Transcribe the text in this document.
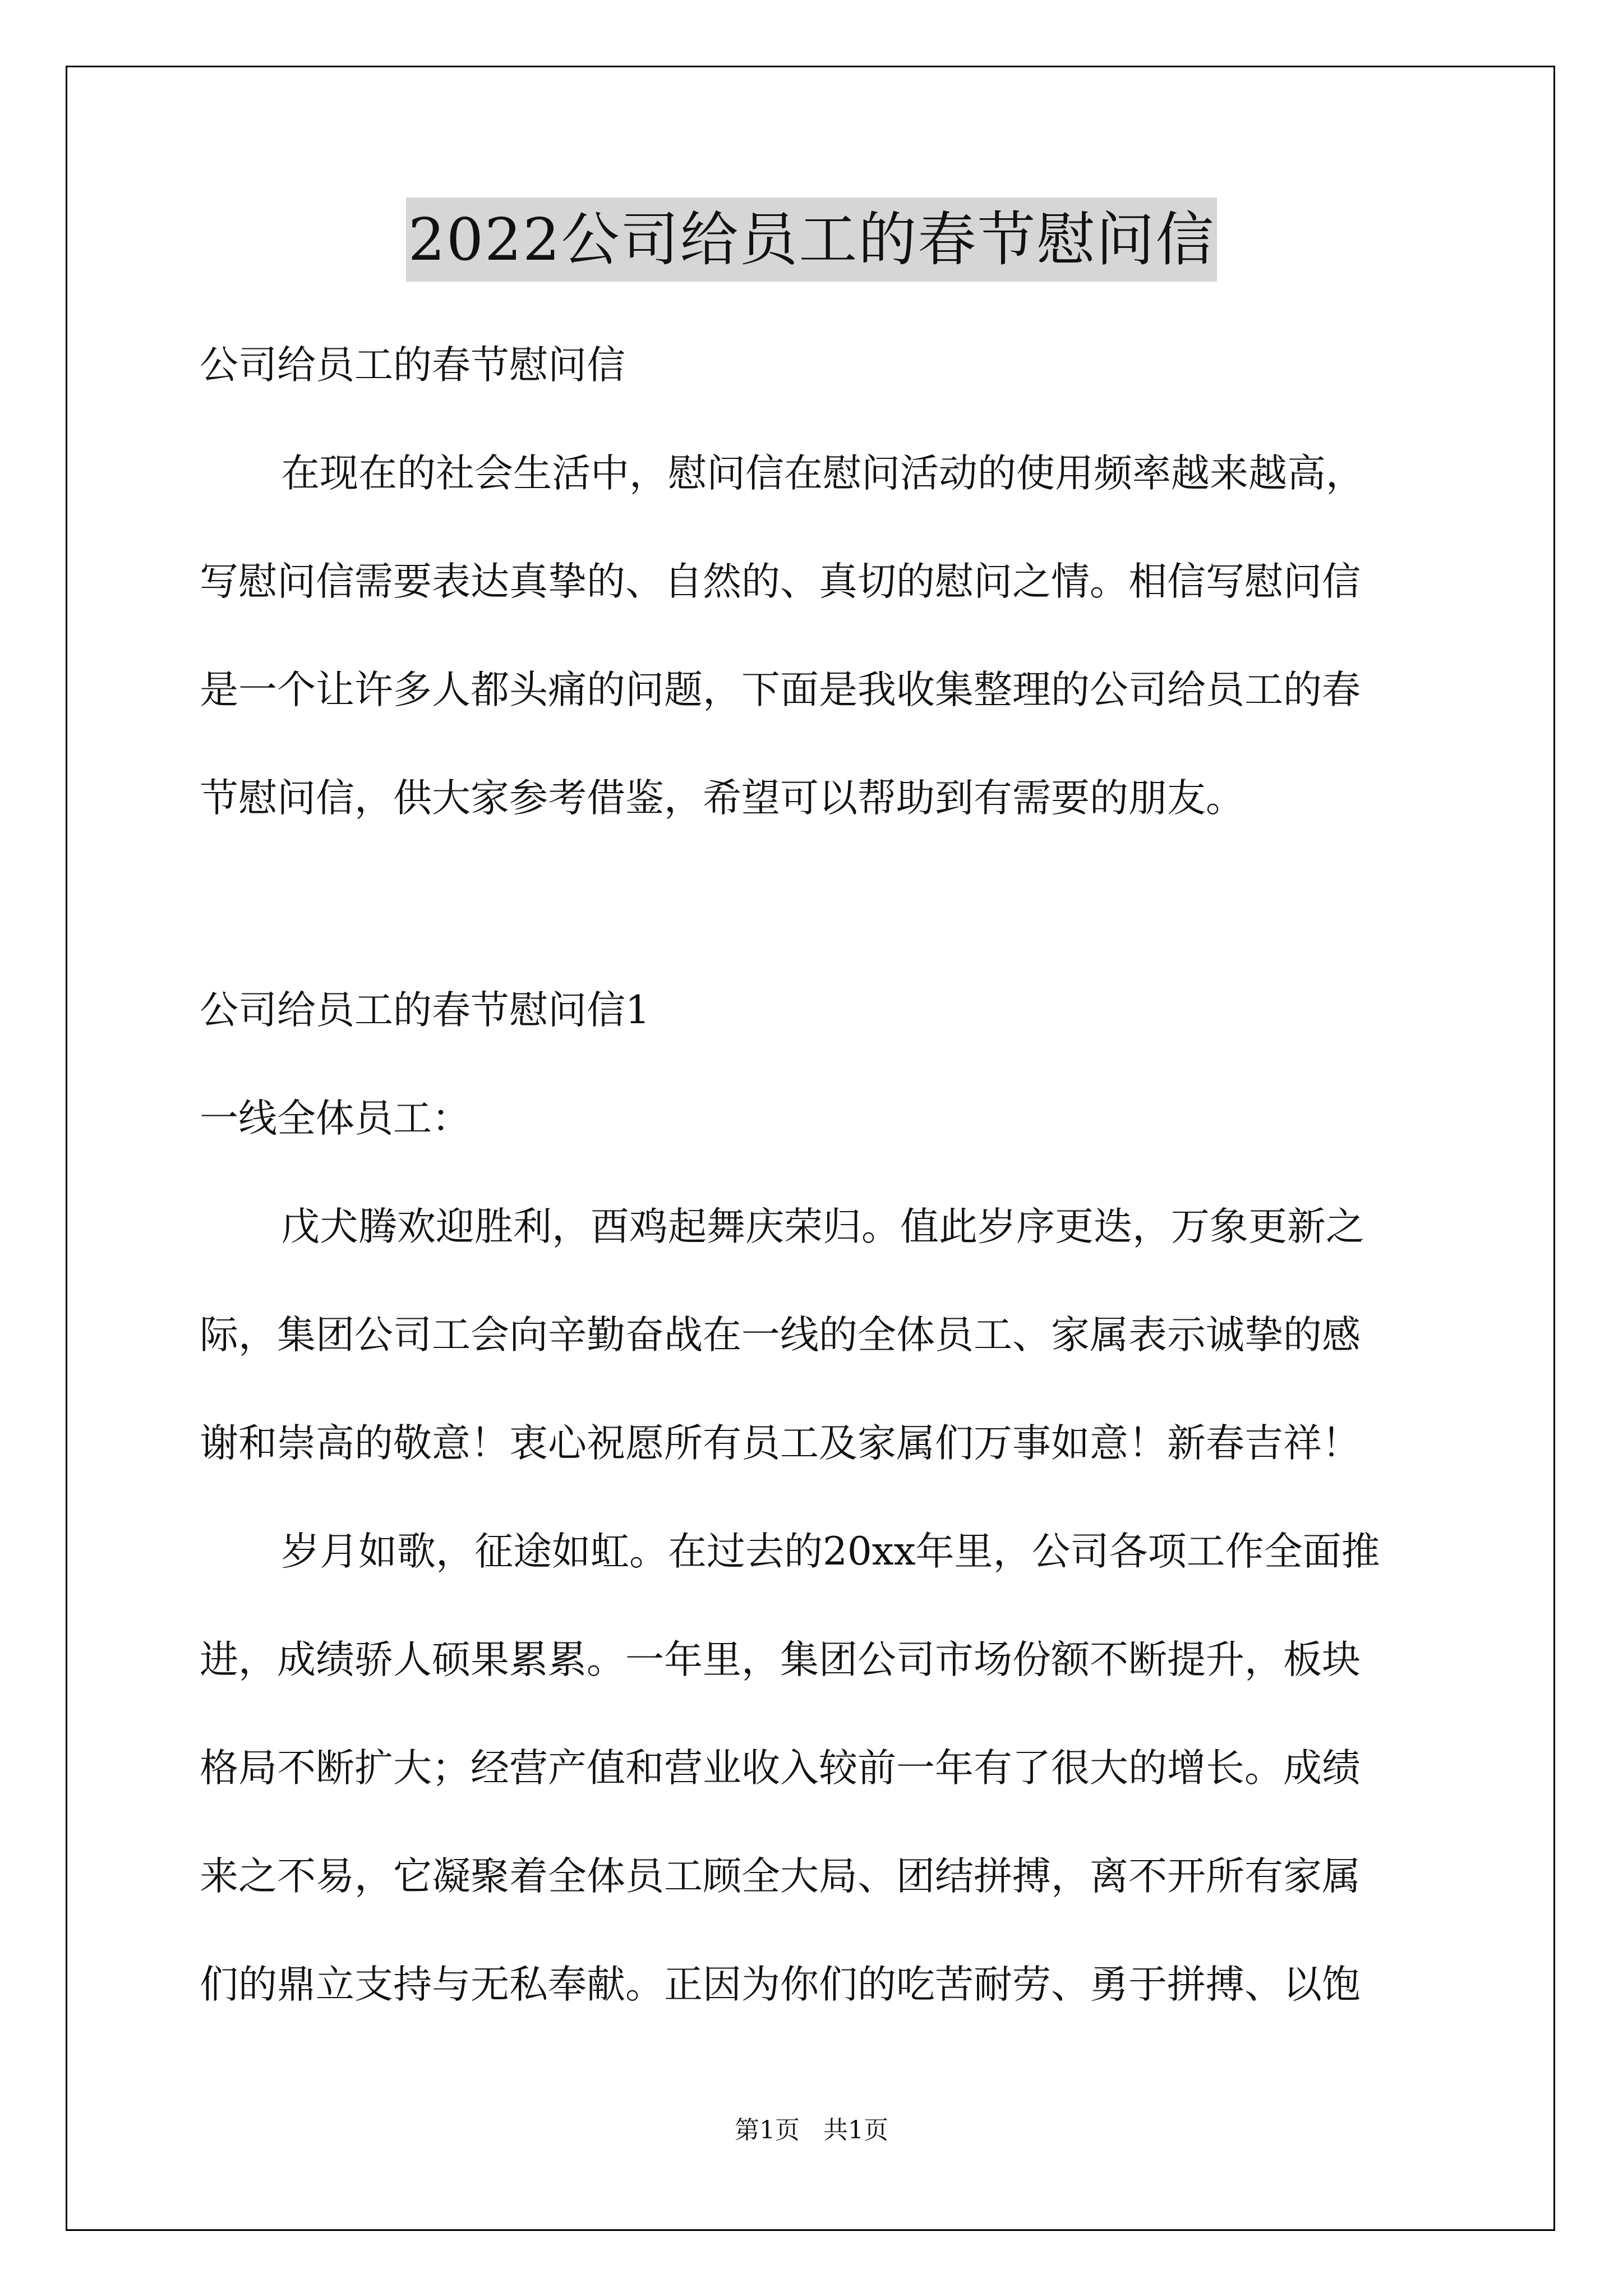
2022公司给员工的春节慰问信

公司给员工的春节慰问信

在现在的社会生活中，慰问信在慰问活动的使用频率越来越高，

写慰问信需要表达真挚的、自然的、真切的慰问之情。相信写慰问信

是一个让许多人都头痛的问题，下面是我收集整理的公司给员工的春

节慰问信，供大家参考借鉴，希望可以帮助到有需要的朋友。

公司给员工的春节慰问信1

一线全体员工：

戊犬腾欢迎胜利，酉鸡起舞庆荣归。值此岁序更迭，万象更新之

际，集团公司工会向辛勤奋战在一线的全体员工、家属表示诚挚的感

谢和崇高的敬意！衷心祝愿所有员工及家属们万事如意！新春吉祥！

岁月如歌，征途如虹。在过去的20xx年里，公司各项工作全面推

进，成绩骄人硕果累累。一年里，集团公司市场份额不断提升，板块

格局不断扩大；经营产值和营业收入较前一年有了很大的增长。成绩

来之不易，它凝聚着全体员工顾全大局、团结拼搏，离不开所有家属

们的鼎立支持与无私奉献。正因为你们的吃苦耐劳、勇于拼搏、以饱

第1页   共1页
